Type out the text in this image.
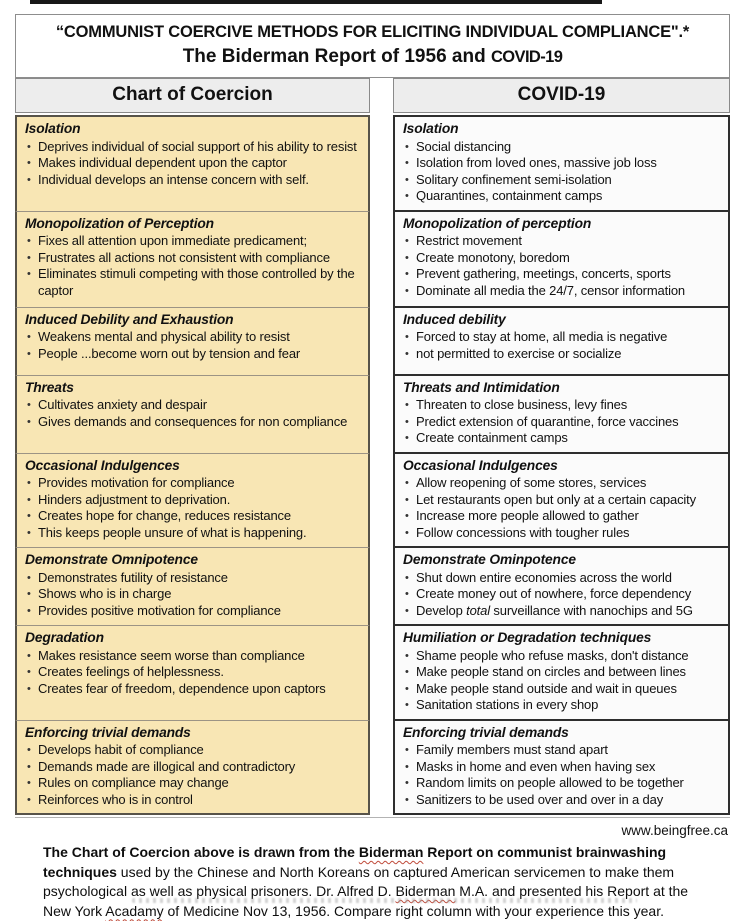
“COMMUNIST COERCIVE METHODS FOR ELICITING INDIVIDUAL COMPLIANCE".*
The Biderman Report of 1956 and COVID-19
Chart of Coercion	COVID-19
Isolation
• Deprives individual of social support of his ability to resist
• Makes individual dependent upon the captor
• Individual develops an intense concern with self.
Isolation
• Social distancing
• Isolation from loved ones, massive job loss
• Solitary confinement semi-isolation
• Quarantines, containment camps
Monopolization of Perception
• Fixes all attention upon immediate predicament;
• Frustrates all actions not consistent with compliance
• Eliminates stimuli competing with those controlled by the captor
Monopolization of perception
• Restrict movement
• Create monotony, boredom
• Prevent gathering, meetings, concerts, sports
• Dominate all media the 24/7, censor information
Induced Debility and Exhaustion
• Weakens mental and physical ability to resist
• People ...become worn out by tension and fear
Induced debility
• Forced to stay at home, all media is negative
• not permitted to exercise or socialize
Threats
• Cultivates anxiety and despair
• Gives demands and consequences for non compliance
Threats and Intimidation
• Threaten to close business, levy fines
• Predict extension of quarantine, force vaccines
• Create containment camps
Occasional Indulgences
• Provides motivation for compliance
• Hinders adjustment to deprivation.
• Creates hope for change, reduces resistance
• This keeps people unsure of what is happening.
Occasional Indulgences
• Allow reopening of some stores, services
• Let restaurants open but only at a certain capacity
• Increase more people allowed to gather
• Follow concessions with tougher rules
Demonstrate Omnipotence
• Demonstrates futility of resistance
• Shows who is in charge
• Provides positive motivation for compliance
Demonstrate Ominpotence
• Shut down entire economies across the world
• Create money out of nowhere, force dependency
• Develop total surveillance with nanochips and 5G
Degradation
• Makes resistance seem worse than compliance
• Creates feelings of helplessness.
• Creates fear of freedom, dependence upon captors
Humiliation or Degradation techniques
• Shame people who refuse masks, don't distance
• Make people stand on circles and between lines
• Make people stand outside and wait in queues
• Sanitation stations in every shop
Enforcing trivial demands
• Develops habit of compliance
• Demands made are illogical and contradictory
• Rules on compliance may change
• Reinforces who is in control
Enforcing trivial demands
• Family members must stand apart
• Masks in home and even when having sex
• Random limits on people allowed to be together
• Sanitizers to be used over and over in a day
www.beingfree.ca
The Chart of Coercion above is drawn from the Biderman Report on communist brainwashing techniques used by the Chinese and North Koreans on captured American servicemen to make them psychological as well as physical prisoners. Dr. Alfred D. Biderman M.A. and presented his Report at the New York Acadamy of Medicine Nov 13, 1956. Compare right column with your experience this year.
